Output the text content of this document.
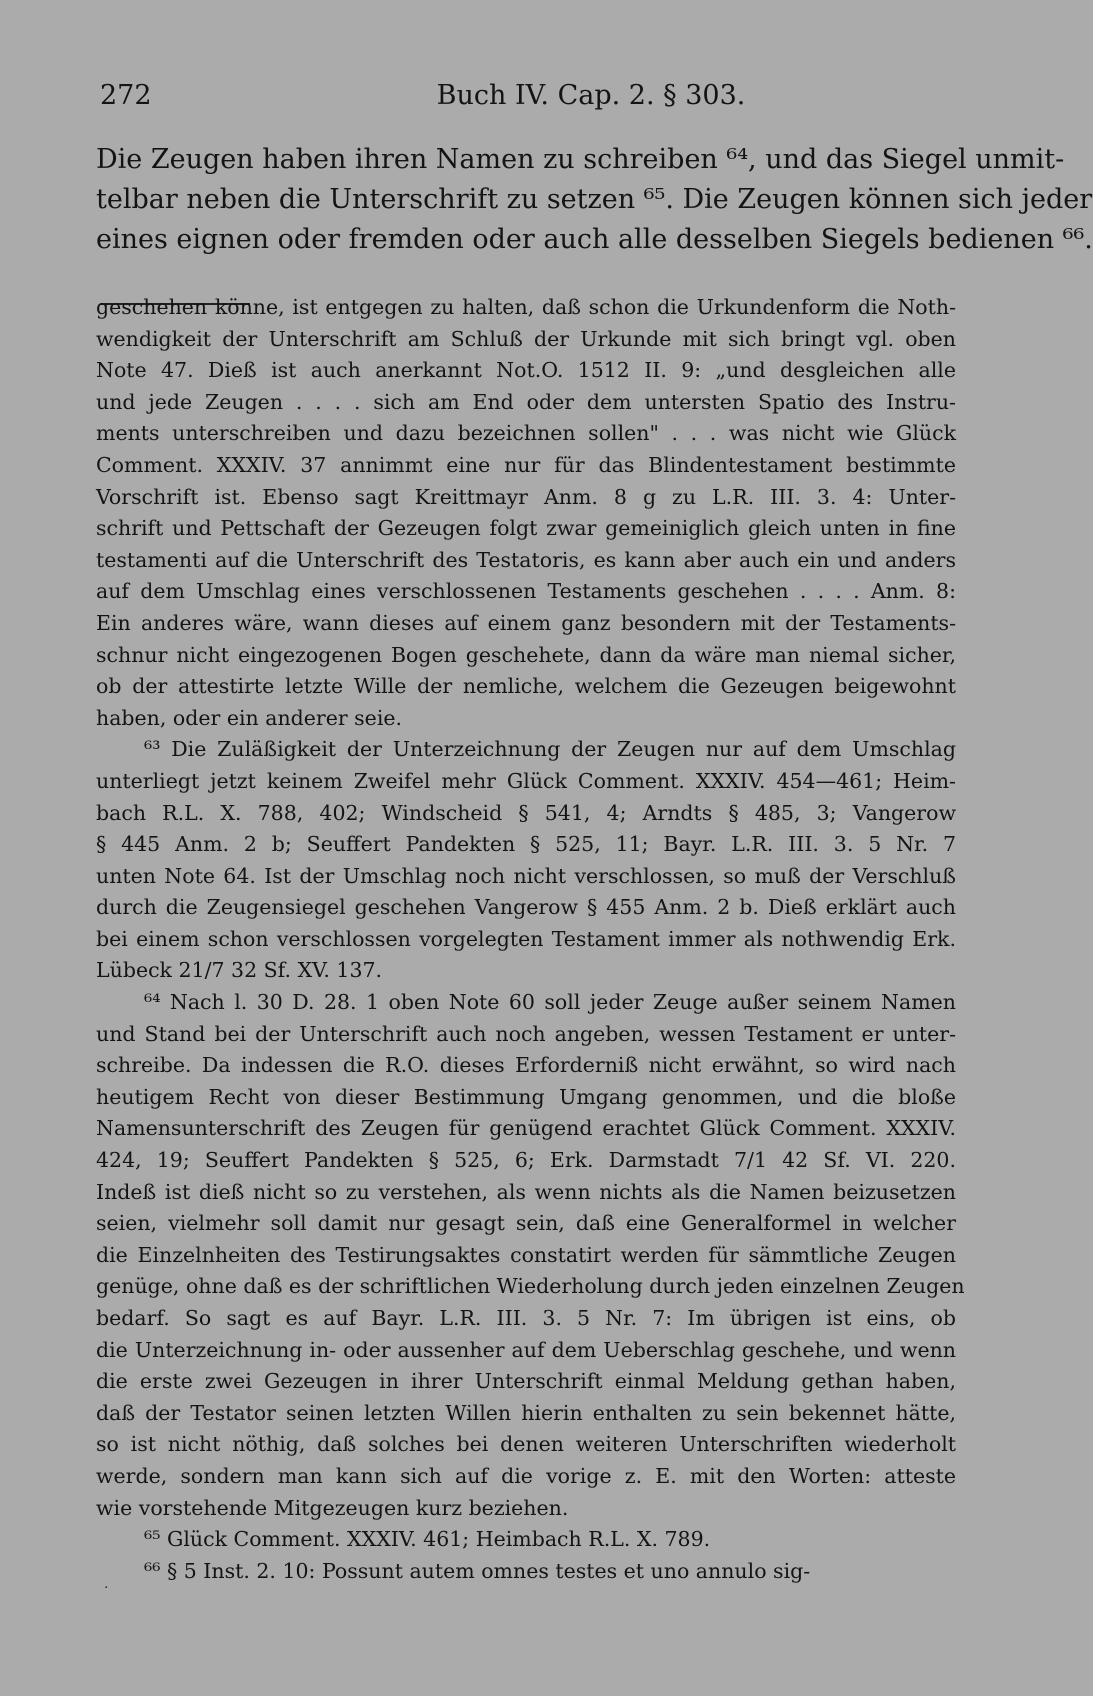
272	Buch IV. Cap. 2. § 303.
Die Zeugen haben ihren Namen zu schreiben ⁶⁴, und das Siegel unmit-
telbar neben die Unterschrift zu setzen ⁶⁵. Die Zeugen können sich jeder
eines eignen oder fremden oder auch alle desselben Siegels bedienen ⁶⁶.
geschehen könne, ist entgegen zu halten, daß schon die Urkundenform die Noth-
wendigkeit der Unterschrift am Schluß der Urkunde mit sich bringt vgl. oben
Note 47. Dieß ist auch anerkannt Not.O. 1512 II. 9: „und desgleichen alle
und jede Zeugen . . . . sich am End oder dem untersten Spatio des Instru-
ments unterschreiben und dazu bezeichnen sollen" . . . was nicht wie Glück
Comment. XXXIV. 37 annimmt eine nur für das Blindentestament bestimmte
Vorschrift ist. Ebenso sagt Kreittmayr Anm. 8 g zu L.R. III. 3. 4: Unter-
schrift und Pettschaft der Gezeugen folgt zwar gemeiniglich gleich unten in fine
testamenti auf die Unterschrift des Testatoris, es kann aber auch ein und anders
auf dem Umschlag eines verschlossenen Testaments geschehen . . . . Anm. 8:
Ein anderes wäre, wann dieses auf einem ganz besondern mit der Testaments-
schnur nicht eingezogenen Bogen geschehete, dann da wäre man niemal sicher,
ob der attestirte letzte Wille der nemliche, welchem die Gezeugen beigewohnt
haben, oder ein anderer seie.
⁶³ Die Zuläßigkeit der Unterzeichnung der Zeugen nur auf dem Umschlag
unterliegt jetzt keinem Zweifel mehr Glück Comment. XXXIV. 454—461; Heim-
bach R.L. X. 788, 402; Windscheid § 541, 4; Arndts § 485, 3; Vangerow
§ 445 Anm. 2 b; Seuffert Pandekten § 525, 11; Bayr. L.R. III. 3. 5 Nr. 7
unten Note 64. Ist der Umschlag noch nicht verschlossen, so muß der Verschluß
durch die Zeugensiegel geschehen Vangerow § 455 Anm. 2 b. Dieß erklärt auch
bei einem schon verschlossen vorgelegten Testament immer als nothwendig Erk.
Lübeck 21/7 32 Sf. XV. 137.
⁶⁴ Nach l. 30 D. 28. 1 oben Note 60 soll jeder Zeuge außer seinem Namen
und Stand bei der Unterschrift auch noch angeben, wessen Testament er unter-
schreibe. Da indessen die R.O. dieses Erforderniß nicht erwähnt, so wird nach
heutigem Recht von dieser Bestimmung Umgang genommen, und die bloße
Namensunterschrift des Zeugen für genügend erachtet Glück Comment. XXXIV.
424, 19; Seuffert Pandekten § 525, 6; Erk. Darmstadt 7/1 42 Sf. VI. 220.
Indeß ist dieß nicht so zu verstehen, als wenn nichts als die Namen beizusetzen
seien, vielmehr soll damit nur gesagt sein, daß eine Generalformel in welcher
die Einzelnheiten des Testirungsaktes constatirt werden für sämmtliche Zeugen
genüge, ohne daß es der schriftlichen Wiederholung durch jeden einzelnen Zeugen
bedarf. So sagt es auf Bayr. L.R. III. 3. 5 Nr. 7: Im übrigen ist eins, ob
die Unterzeichnung in- oder aussenher auf dem Ueberschlag geschehe, und wenn
die erste zwei Gezeugen in ihrer Unterschrift einmal Meldung gethan haben,
daß der Testator seinen letzten Willen hierin enthalten zu sein bekennet hätte,
so ist nicht nöthig, daß solches bei denen weiteren Unterschriften wiederholt
werde, sondern man kann sich auf die vorige z. E. mit den Worten: atteste
wie vorstehende Mitgezeugen kurz beziehen.
⁶⁵ Glück Comment. XXXIV. 461; Heimbach R.L. X. 789.
⁶⁶ § 5 Inst. 2. 10: Possunt autem omnes testes et uno annulo sig-
·
